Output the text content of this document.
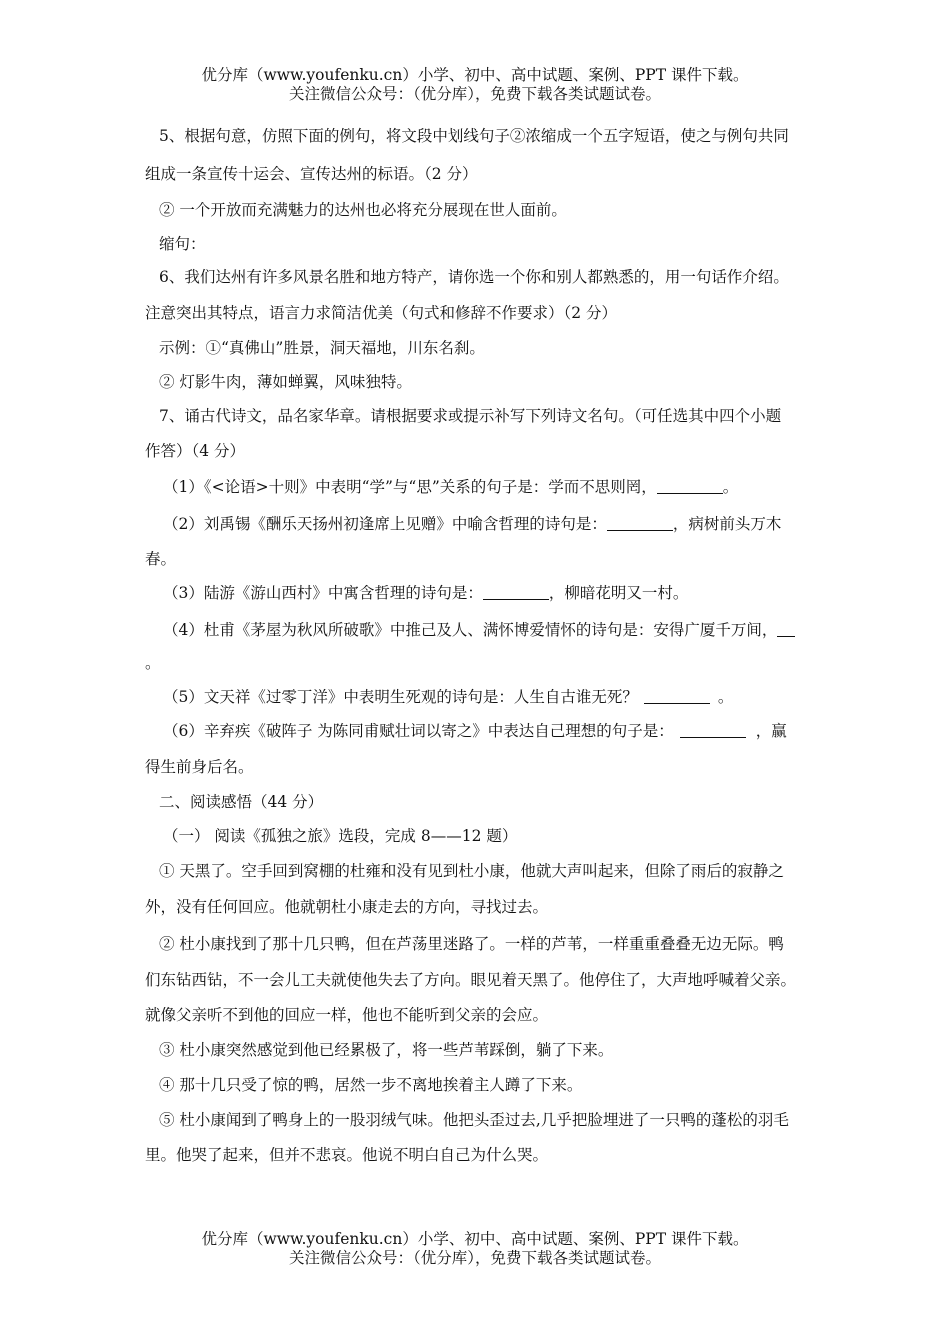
优分库（www.youfenku.cn）小学、初中、高中试题、案例、PPT 课件下载。
关注微信公众号：（优分库），免费下载各类试题试卷。
5、根据句意，仿照下面的例句，将文段中划线句子②浓缩成一个五字短语，使之与例句共同
组成一条宣传十运会、宣传达州的标语。（2 分）
② 一个开放而充满魅力的达州也必将充分展现在世人面前。
缩句：
6、我们达州有许多风景名胜和地方特产，请你选一个你和别人都熟悉的，用一句话作介绍。
注意突出其特点，语言力求简洁优美（句式和修辞不作要求）（2 分）
示例：①“真佛山”胜景，洞天福地，川东名刹。
② 灯影牛肉，薄如蝉翼，风味独特。
7、诵古代诗文，品名家华章。请根据要求或提示补写下列诗文名句。（可任选其中四个小题
作答）（4 分）
（1）《<论语>十则》中表明“学”与“思”关系的句子是：学而不思则罔，	。
（2）刘禹锡《酬乐天扬州初逢席上见赠》中喻含哲理的诗句是：	，病树前头万木
春。
（3）陆游《游山西村》中寓含哲理的诗句是：	，柳暗花明又一村。
（4）杜甫《茅屋为秋风所破歌》中推己及人、满怀博爱情怀的诗句是：安得广厦千万间，
。
（5）文天祥《过零丁洋》中表明生死观的诗句是：人生自古谁无死？	。
（6）辛弃疾《破阵子 为陈同甫赋壮词以寄之》中表达自己理想的句子是：	，赢
得生前身后名。
二、阅读感悟（44 分）
（一） 阅读《孤独之旅》选段，完成 8——12 题）
① 天黑了。空手回到窝棚的杜雍和没有见到杜小康，他就大声叫起来，但除了雨后的寂静之
外，没有任何回应。他就朝杜小康走去的方向，寻找过去。
② 杜小康找到了那十几只鸭，但在芦荡里迷路了。一样的芦苇，一样重重叠叠无边无际。鸭
们东钻西钻，不一会儿工夫就使他失去了方向。眼见着天黑了。他停住了，大声地呼喊着父亲。
就像父亲听不到他的回应一样，他也不能听到父亲的会应。
③ 杜小康突然感觉到他已经累极了，将一些芦苇踩倒，躺了下来。
④ 那十几只受了惊的鸭，居然一步不离地挨着主人蹲了下来。
⑤ 杜小康闻到了鸭身上的一股羽绒气味。他把头歪过去,几乎把脸埋进了一只鸭的蓬松的羽毛
里。他哭了起来，但并不悲哀。他说不明白自己为什么哭。
优分库（www.youfenku.cn）小学、初中、高中试题、案例、PPT 课件下载。
关注微信公众号：（优分库），免费下载各类试题试卷。
